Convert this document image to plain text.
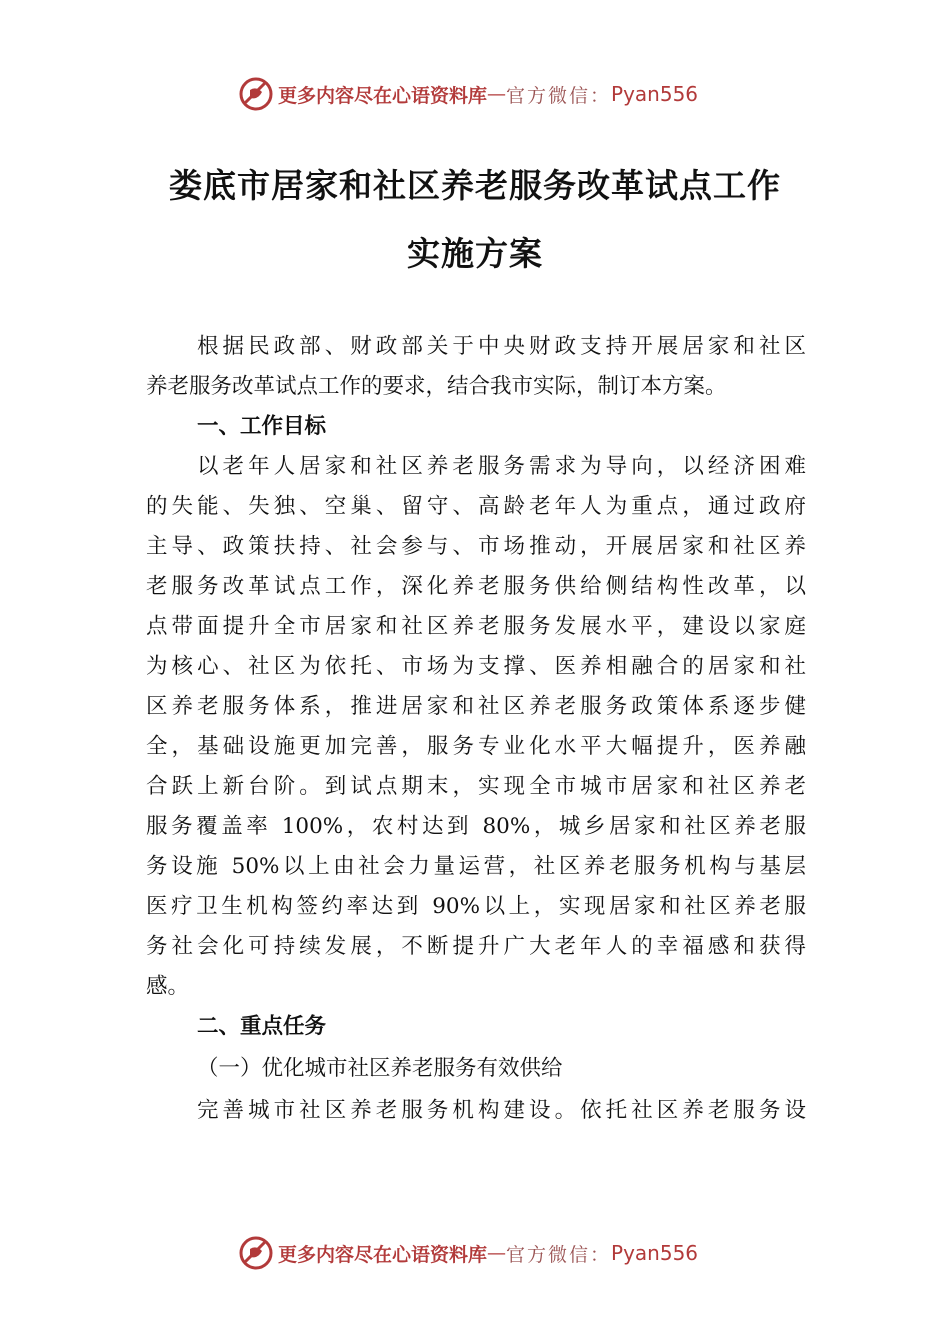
更多内容尽在心语资料库 — 官方微信： Pyan556
娄底市居家和社区养老服务改革试点工作
实施方案
根据民政部、财政部关于中央财政支持开展居家和社区
养老服务改革试点工作的要求，结合我市实际，制订本方案。
一、工作目标
以老年人居家和社区养老服务需求为导向，以经济困难
的失能、失独、空巢、留守、高龄老年人为重点，通过政府
主导、政策扶持、社会参与、市场推动，开展居家和社区养
老服务改革试点工作，深化养老服务供给侧结构性改革，以
点带面提升全市居家和社区养老服务发展水平，建设以家庭
为核心、社区为依托、市场为支撑、医养相融合的居家和社
区养老服务体系，推进居家和社区养老服务政策体系逐步健
全，基础设施更加完善，服务专业化水平大幅提升，医养融
合跃上新台阶。到试点期末，实现全市城市居家和社区养老
服务覆盖率 100%，农村达到 80%，城乡居家和社区养老服
务设施 50%以上由社会力量运营，社区养老服务机构与基层
医疗卫生机构签约率达到 90%以上，实现居家和社区养老服
务社会化可持续发展，不断提升广大老年人的幸福感和获得
感。
二、重点任务
（一）优化城市社区养老服务有效供给
完善城市社区养老服务机构建设。依托社区养老服务设
更多内容尽在心语资料库 — 官方微信： Pyan556
